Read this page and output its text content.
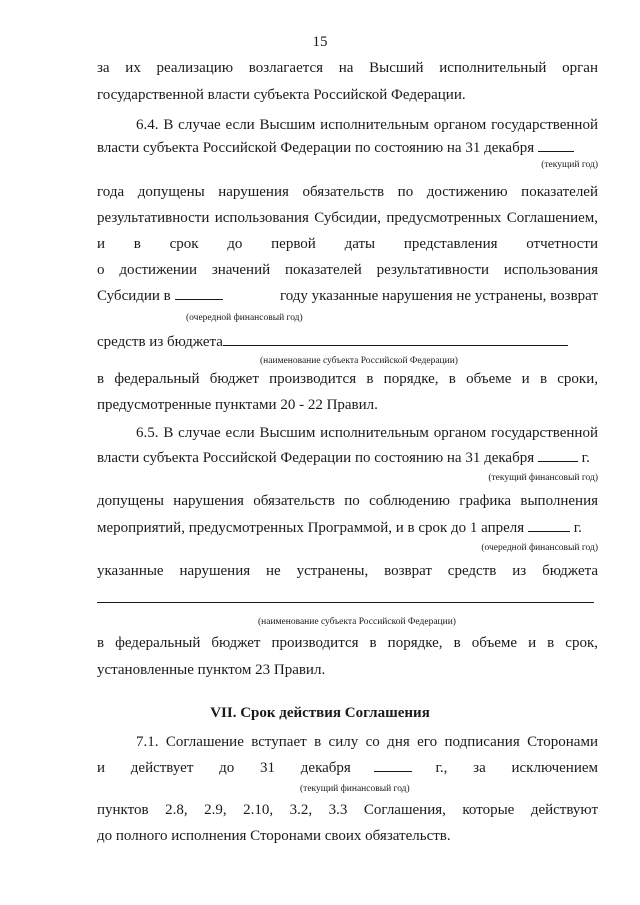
15
за их реализацию возлагается на Высший исполнительный орган
государственной власти субъекта Российской Федерации.
6.4. В случае если Высшим исполнительным органом государственной
власти субъекта Российской Федерации по состоянию на 31 декабря
(текущий год)
года допущены нарушения обязательств по достижению показателей
результативности использования Субсидии, предусмотренных Соглашением,
и в срок до первой даты представления отчетности
о достижении значений показателей результативности использования
Субсидии в	году указанные нарушения не устранены, возврат
(очередной финансовый год)
средств из бюджета
(наименование субъекта Российской Федерации)
в федеральный бюджет производится в порядке, в объеме и в сроки,
предусмотренные пунктами 20 - 22 Правил.
6.5. В случае если Высшим исполнительным органом государственной
власти субъекта Российской Федерации по состоянию на 31 декабря	г.
(текущий финансовый год)
допущены нарушения обязательств по соблюдению графика выполнения
мероприятий, предусмотренных Программой, и в срок до 1 апреля	г.
(очередной финансовый год)
указанные нарушения не устранены, возврат средств из бюджета
(наименование субъекта Российской Федерации)
в федеральный бюджет производится в порядке, в объеме и в срок,
установленные пунктом 23 Правил.
VII. Срок действия Соглашения
7.1. Соглашение вступает в силу со дня его подписания Сторонами
и действует до 31 декабря	г., за исключением
(текущий финансовый год)
пунктов 2.8, 2.9, 2.10, 3.2, 3.3 Соглашения, которые действуют
до полного исполнения Сторонами своих обязательств.
